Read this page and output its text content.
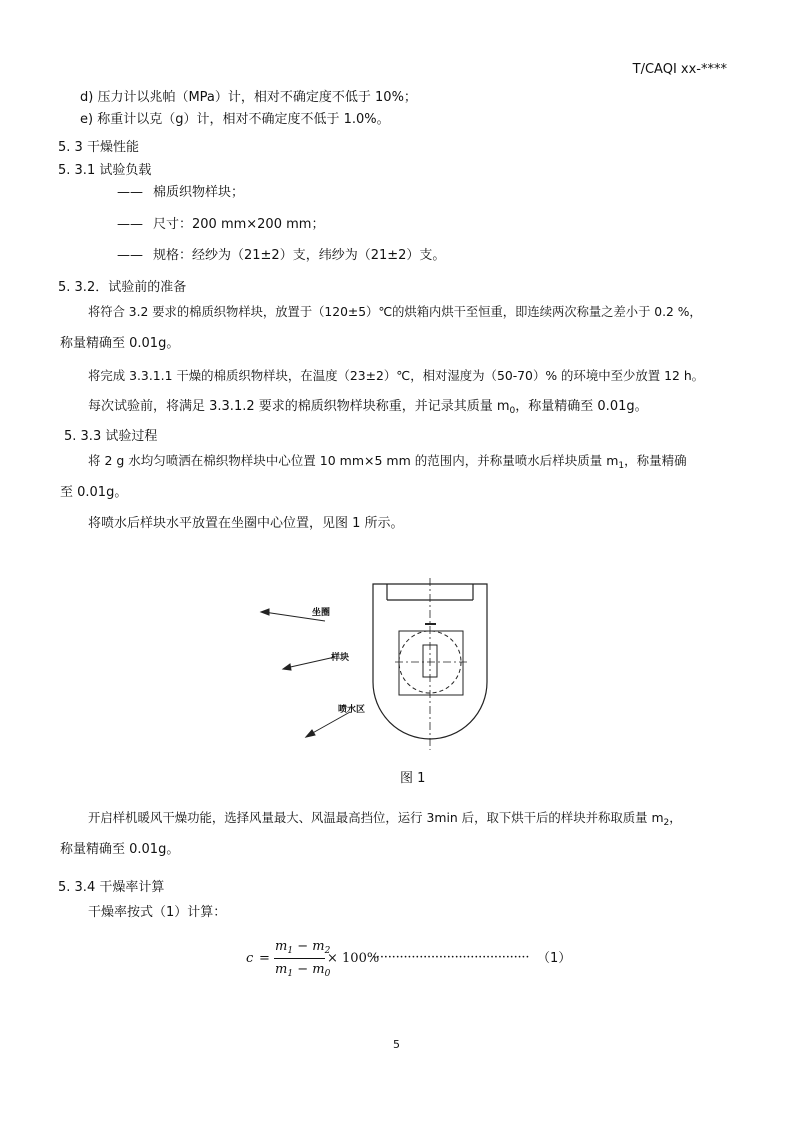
T/CAQI xx-****
d) 压力计以兆帕（MPa）计，相对不确定度不低于 10%；
e) 称重计以克（g）计，相对不确定度不低于 1.0%。
5. 3 干燥性能
5. 3.1 试验负载
—— 棉质织物样块；
—— 尺寸：200 mm×200 mm；
—— 规格：经纱为（21±2）支，纬纱为（21±2）支。
5. 3.2．试验前的准备
将符合 3.2 要求的棉质织物样块，放置于（120±5）℃的烘箱内烘干至恒重，即连续两次称量之差小于 0.2 %，
称量精确至 0.01g。
将完成 3.3.1.1 干燥的棉质织物样块，在温度（23±2）℃，相对湿度为（50-70）% 的环境中至少放置 12 h。
每次试验前，将满足 3.3.1.2 要求的棉质织物样块称重，并记录其质量 $m_0$，称量精确至 0.01g。
5. 3.3 试验过程
将 2 g 水均匀喷洒在棉织物样块中心位置 10 mm×5 mm 的范围内，并称量喷水后样块质量 $m_1$，称量精确
至 0.01g。
将喷水后样块水平放置在坐圈中心位置，见图 1 所示。
坐圈
样块
喷水区
图 1
开启样机暖风干燥功能，选择风量最大、风温最高挡位，运行 3min 后，取下烘干后的样块并称取质量 $m_2$，
称量精确至 0.01g。
5. 3.4 干燥率计算
干燥率按式（1）计算：
c =
$m_1 - m_2$
$m_1 - m_0$
× 100%
········································ （1）
5
